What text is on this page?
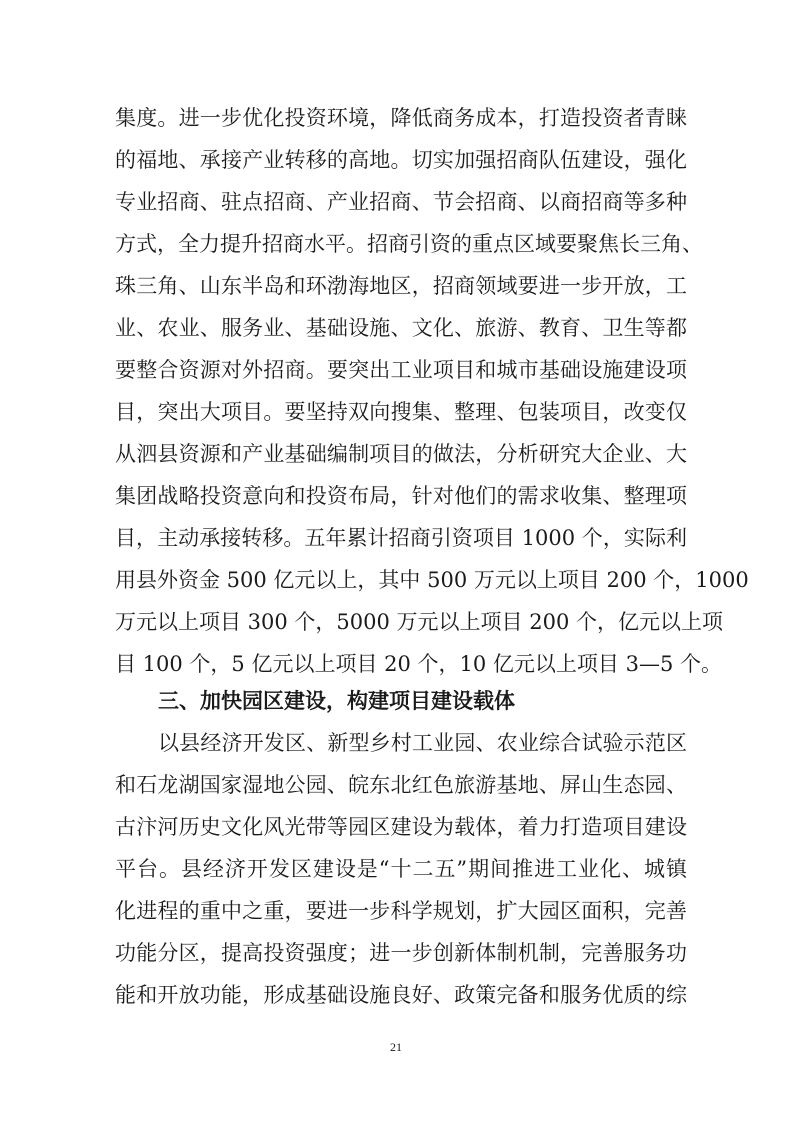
集度。进一步优化投资环境，降低商务成本，打造投资者青睐
的福地、承接产业转移的高地。切实加强招商队伍建设，强化
专业招商、驻点招商、产业招商、节会招商、以商招商等多种
方式，全力提升招商水平。招商引资的重点区域要聚焦长三角、
珠三角、山东半岛和环渤海地区，招商领域要进一步开放，工
业、农业、服务业、基础设施、文化、旅游、教育、卫生等都
要整合资源对外招商。要突出工业项目和城市基础设施建设项
目，突出大项目。要坚持双向搜集、整理、包装项目，改变仅
从泗县资源和产业基础编制项目的做法，分析研究大企业、大
集团战略投资意向和投资布局，针对他们的需求收集、整理项
目，主动承接转移。五年累计招商引资项目 1000 个，实际利
用县外资金 500 亿元以上，其中 500 万元以上项目 200 个，1000
万元以上项目 300 个，5000 万元以上项目 200 个，亿元以上项
目 100 个，5 亿元以上项目 20 个，10 亿元以上项目 3—5 个。
三、加快园区建设，构建项目建设载体
以县经济开发区、新型乡村工业园、农业综合试验示范区
和石龙湖国家湿地公园、皖东北红色旅游基地、屏山生态园、
古汴河历史文化风光带等园区建设为载体，着力打造项目建设
平台。县经济开发区建设是“十二五”期间推进工业化、城镇
化进程的重中之重，要进一步科学规划，扩大园区面积，完善
功能分区，提高投资强度；进一步创新体制机制，完善服务功
能和开放功能，形成基础设施良好、政策完备和服务优质的综
21
